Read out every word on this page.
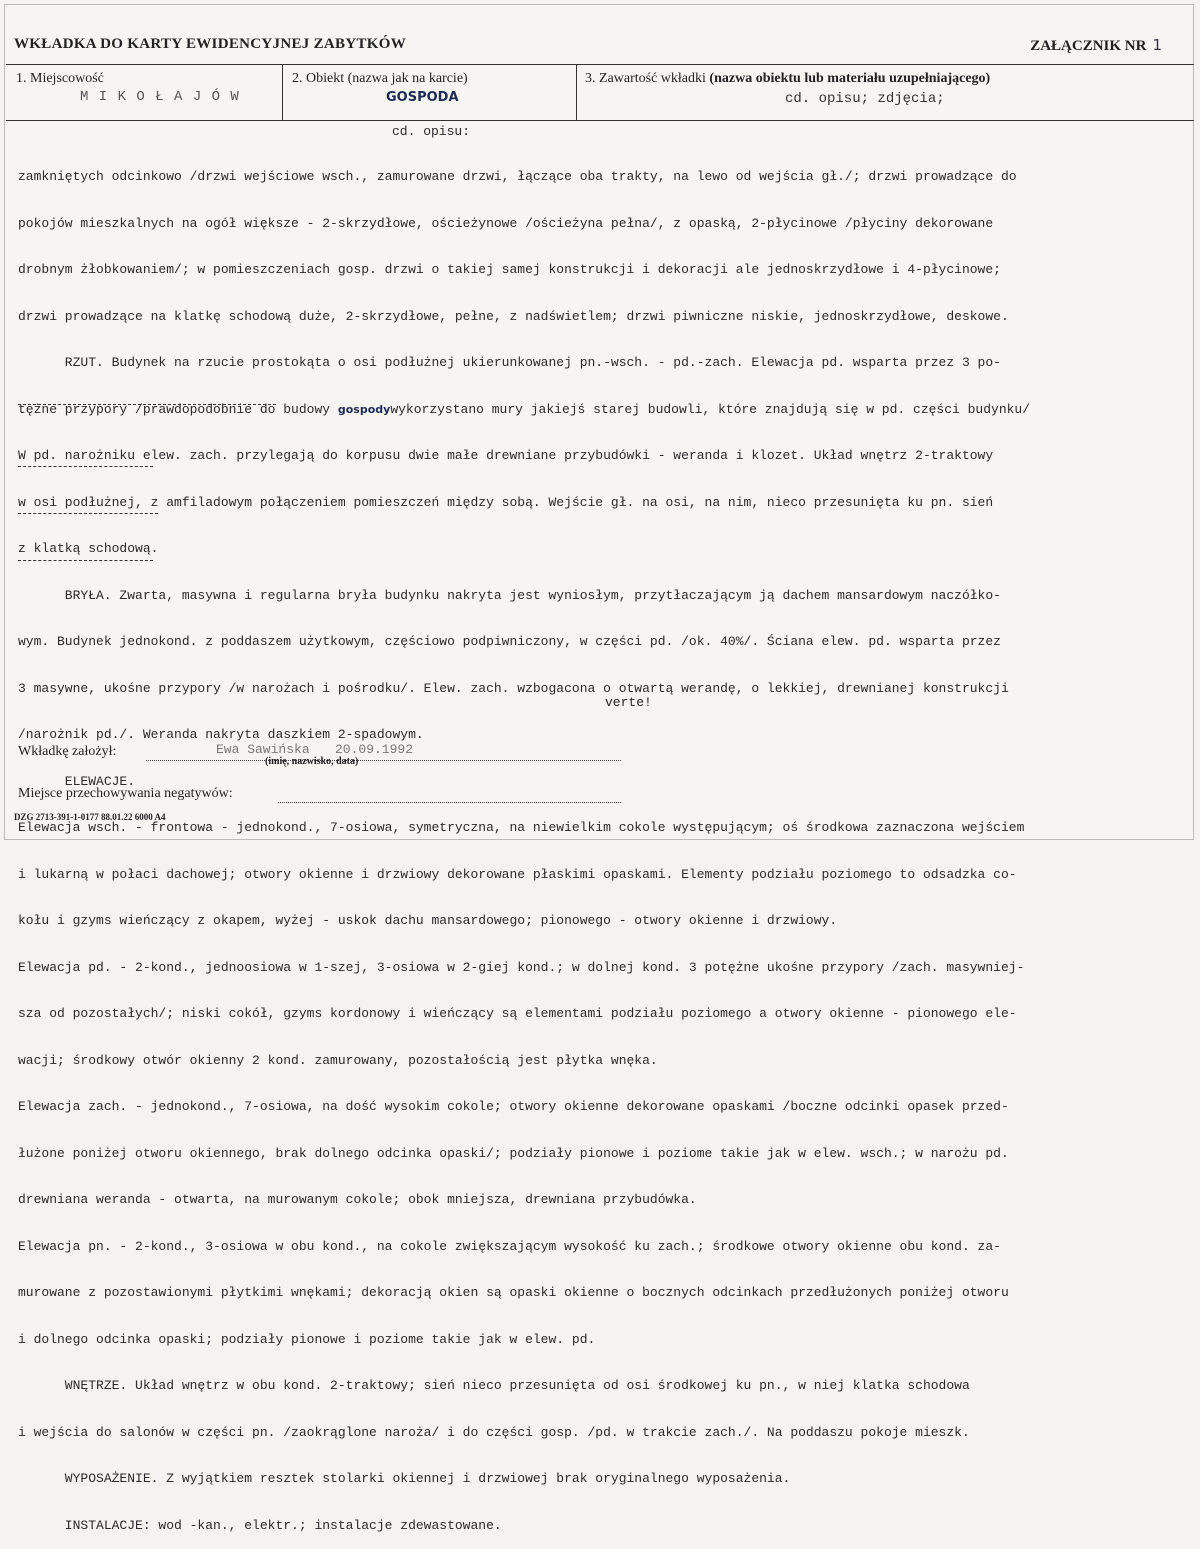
WKŁADKA DO KARTY EWIDENCYJNEJ ZABYTKÓW	ZAŁĄCZNIK NR 1
1. Miejscowość
M I K O Ł A J Ó W
2. Obiekt (nazwa jak na karcie)
GOSPODA
3. Zawartość wkładki (nazwa obiektu lub materiału uzupełniającego)
cd. opisu; zdjęcia;
cd. opisu:

zamkniętych odcinkowo /drzwi wejściowe wsch., zamurowane drzwi, łączące oba trakty, na lewo od wejścia gł./; drzwi prowadzące do

pokojów mieszkalnych na ogół większe - 2-skrzydłowe, ościeżynowe /ościeżyna pełna/, z opaską, 2-płycinowe /płyciny dekorowane

drobnym żłobkowaniem/; w pomieszczeniach gosp. drzwi o takiej samej konstrukcji i dekoracji ale jednoskrzydłowe i 4-płycinowe;

drzwi prowadzące na klatkę schodową duże, 2-skrzydłowe, pełne, z nadświetlem; drzwi piwniczne niskie, jednoskrzydłowe, deskowe.

RZUT. Budynek na rzucie prostokąta o osi podłużnej ukierunkowanej pn.-wsch. - pd.-zach. Elewacja pd. wsparta przez 3 po-

tężne przypory /prawdopodobnie do budowy gospodywykorzystano mury jakiejś starej budowli, które znajdują się w pd. części budynku/

W pd. narożniku elew. zach. przylegają do korpusu dwie małe drewniane przybudówki - weranda i klozet. Układ wnętrz 2-traktowy

w osi podłużnej, z amfiladowym połączeniem pomieszczeń między sobą. Wejście gł. na osi, na nim, nieco przesunięta ku pn. sień

z klatką schodową.

BRYŁA. Zwarta, masywna i regularna bryła budynku nakryta jest wyniosłym, przytłaczającym ją dachem mansardowym naczółko-

wym. Budynek jednokond. z poddaszem użytkowym, częściowo podpiwniczony, w części pd. /ok. 40%/. Ściana elew. pd. wsparta przez

3 masywne, ukośne przypory /w narożach i pośrodku/. Elew. zach. wzbogacona o otwartą werandę, o lekkiej, drewnianej konstrukcji

/narożnik pd./. Weranda nakryta daszkiem 2-spadowym.

ELEWACJE.

Elewacja wsch. - frontowa - jednokond., 7-osiowa, symetryczna, na niewielkim cokole występującym; oś środkowa zaznaczona wejściem

i lukarną w połaci dachowej; otwory okienne i drzwiowy dekorowane płaskimi opaskami. Elementy podziału poziomego to odsadzka co-

kołu i gzyms wieńczący z okapem, wyżej - uskok dachu mansardowego; pionowego - otwory okienne i drzwiowy.

Elewacja pd. - 2-kond., jednoosiowa w 1-szej, 3-osiowa w 2-giej kond.; w dolnej kond. 3 potężne ukośne przypory /zach. masywniej-

sza od pozostałych/; niski cokół, gzyms kordonowy i wieńczący są elementami podziału poziomego a otwory okienne - pionowego ele-

wacji; środkowy otwór okienny 2 kond. zamurowany, pozostałością jest płytka wnęka.

Elewacja zach. - jednokond., 7-osiowa, na dość wysokim cokole; otwory okienne dekorowane opaskami /boczne odcinki opasek przed-

łużone poniżej otworu okiennego, brak dolnego odcinka opaski/; podziały pionowe i poziome takie jak w elew. wsch.; w narożu pd.

drewniana weranda - otwarta, na murowanym cokole; obok mniejsza, drewniana przybudówka.

Elewacja pn. - 2-kond., 3-osiowa w obu kond., na cokole zwiększającym wysokość ku zach.; środkowe otwory okienne obu kond. za-

murowane z pozostawionymi płytkimi wnękami; dekoracją okien są opaski okienne o bocznych odcinkach przedłużonych poniżej otworu

i dolnego odcinka opaski; podziały pionowe i poziome takie jak w elew. pd.

WNĘTRZE. Układ wnętrz w obu kond. 2-traktowy; sień nieco przesunięta od osi środkowej ku pn., w niej klatka schodowa

i wejścia do salonów w części pn. /zaokrąglone naroża/ i do części gosp. /pd. w trakcie zach./. Na poddaszu pokoje mieszk.

WYPOSAŻENIE. Z wyjątkiem resztek stolarki okiennej i drzwiowej brak oryginalnego wyposażenia.

INSTALACJE: wod -kan., elektr.; instalacje zdewastowane.

verte!
Wkładkę założył:	Ewa Sawińska 20.09.1992
(imię, nazwisko, data)
Miejsce przechowywania negatywów:
DZG 2713-391-1-0177 88.01.22 6000 A4
